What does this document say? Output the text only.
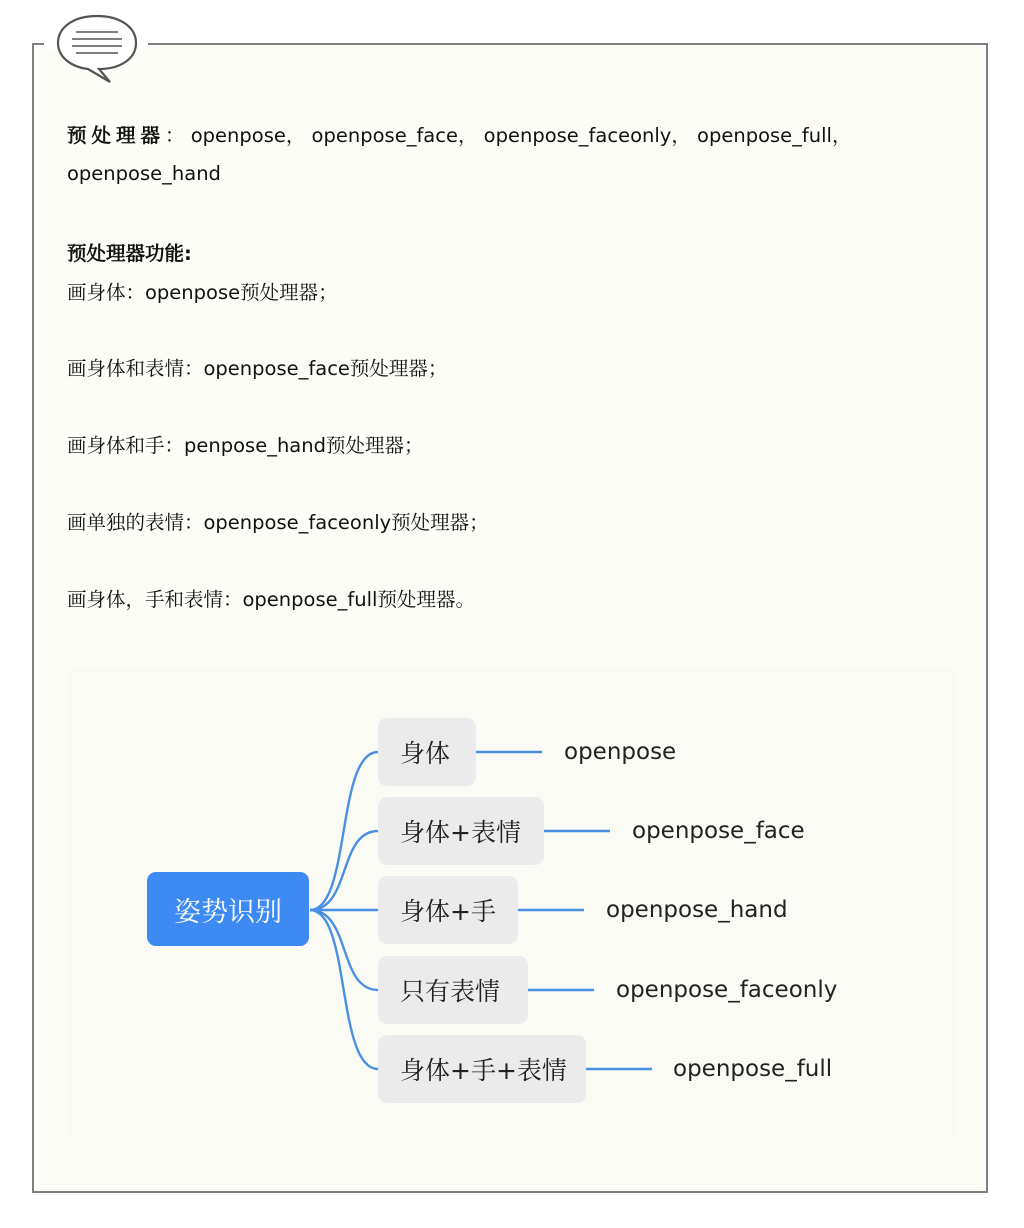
预处理器： openpose， openpose_face， openpose_faceonly， openpose_full，openpose_hand

预处理器功能:

画身体：openpose预处理器；

画身体和表情：openpose_face预处理器；

画身体和手：penpose_hand预处理器；

画单独的表情：openpose_faceonly预处理器；

画身体，手和表情：openpose_full预处理器。

姿势识别
身体
身体+表情
身体+手
只有表情
身体+手+表情
openpose
openpose_face
openpose_hand
openpose_faceonly
openpose_full
